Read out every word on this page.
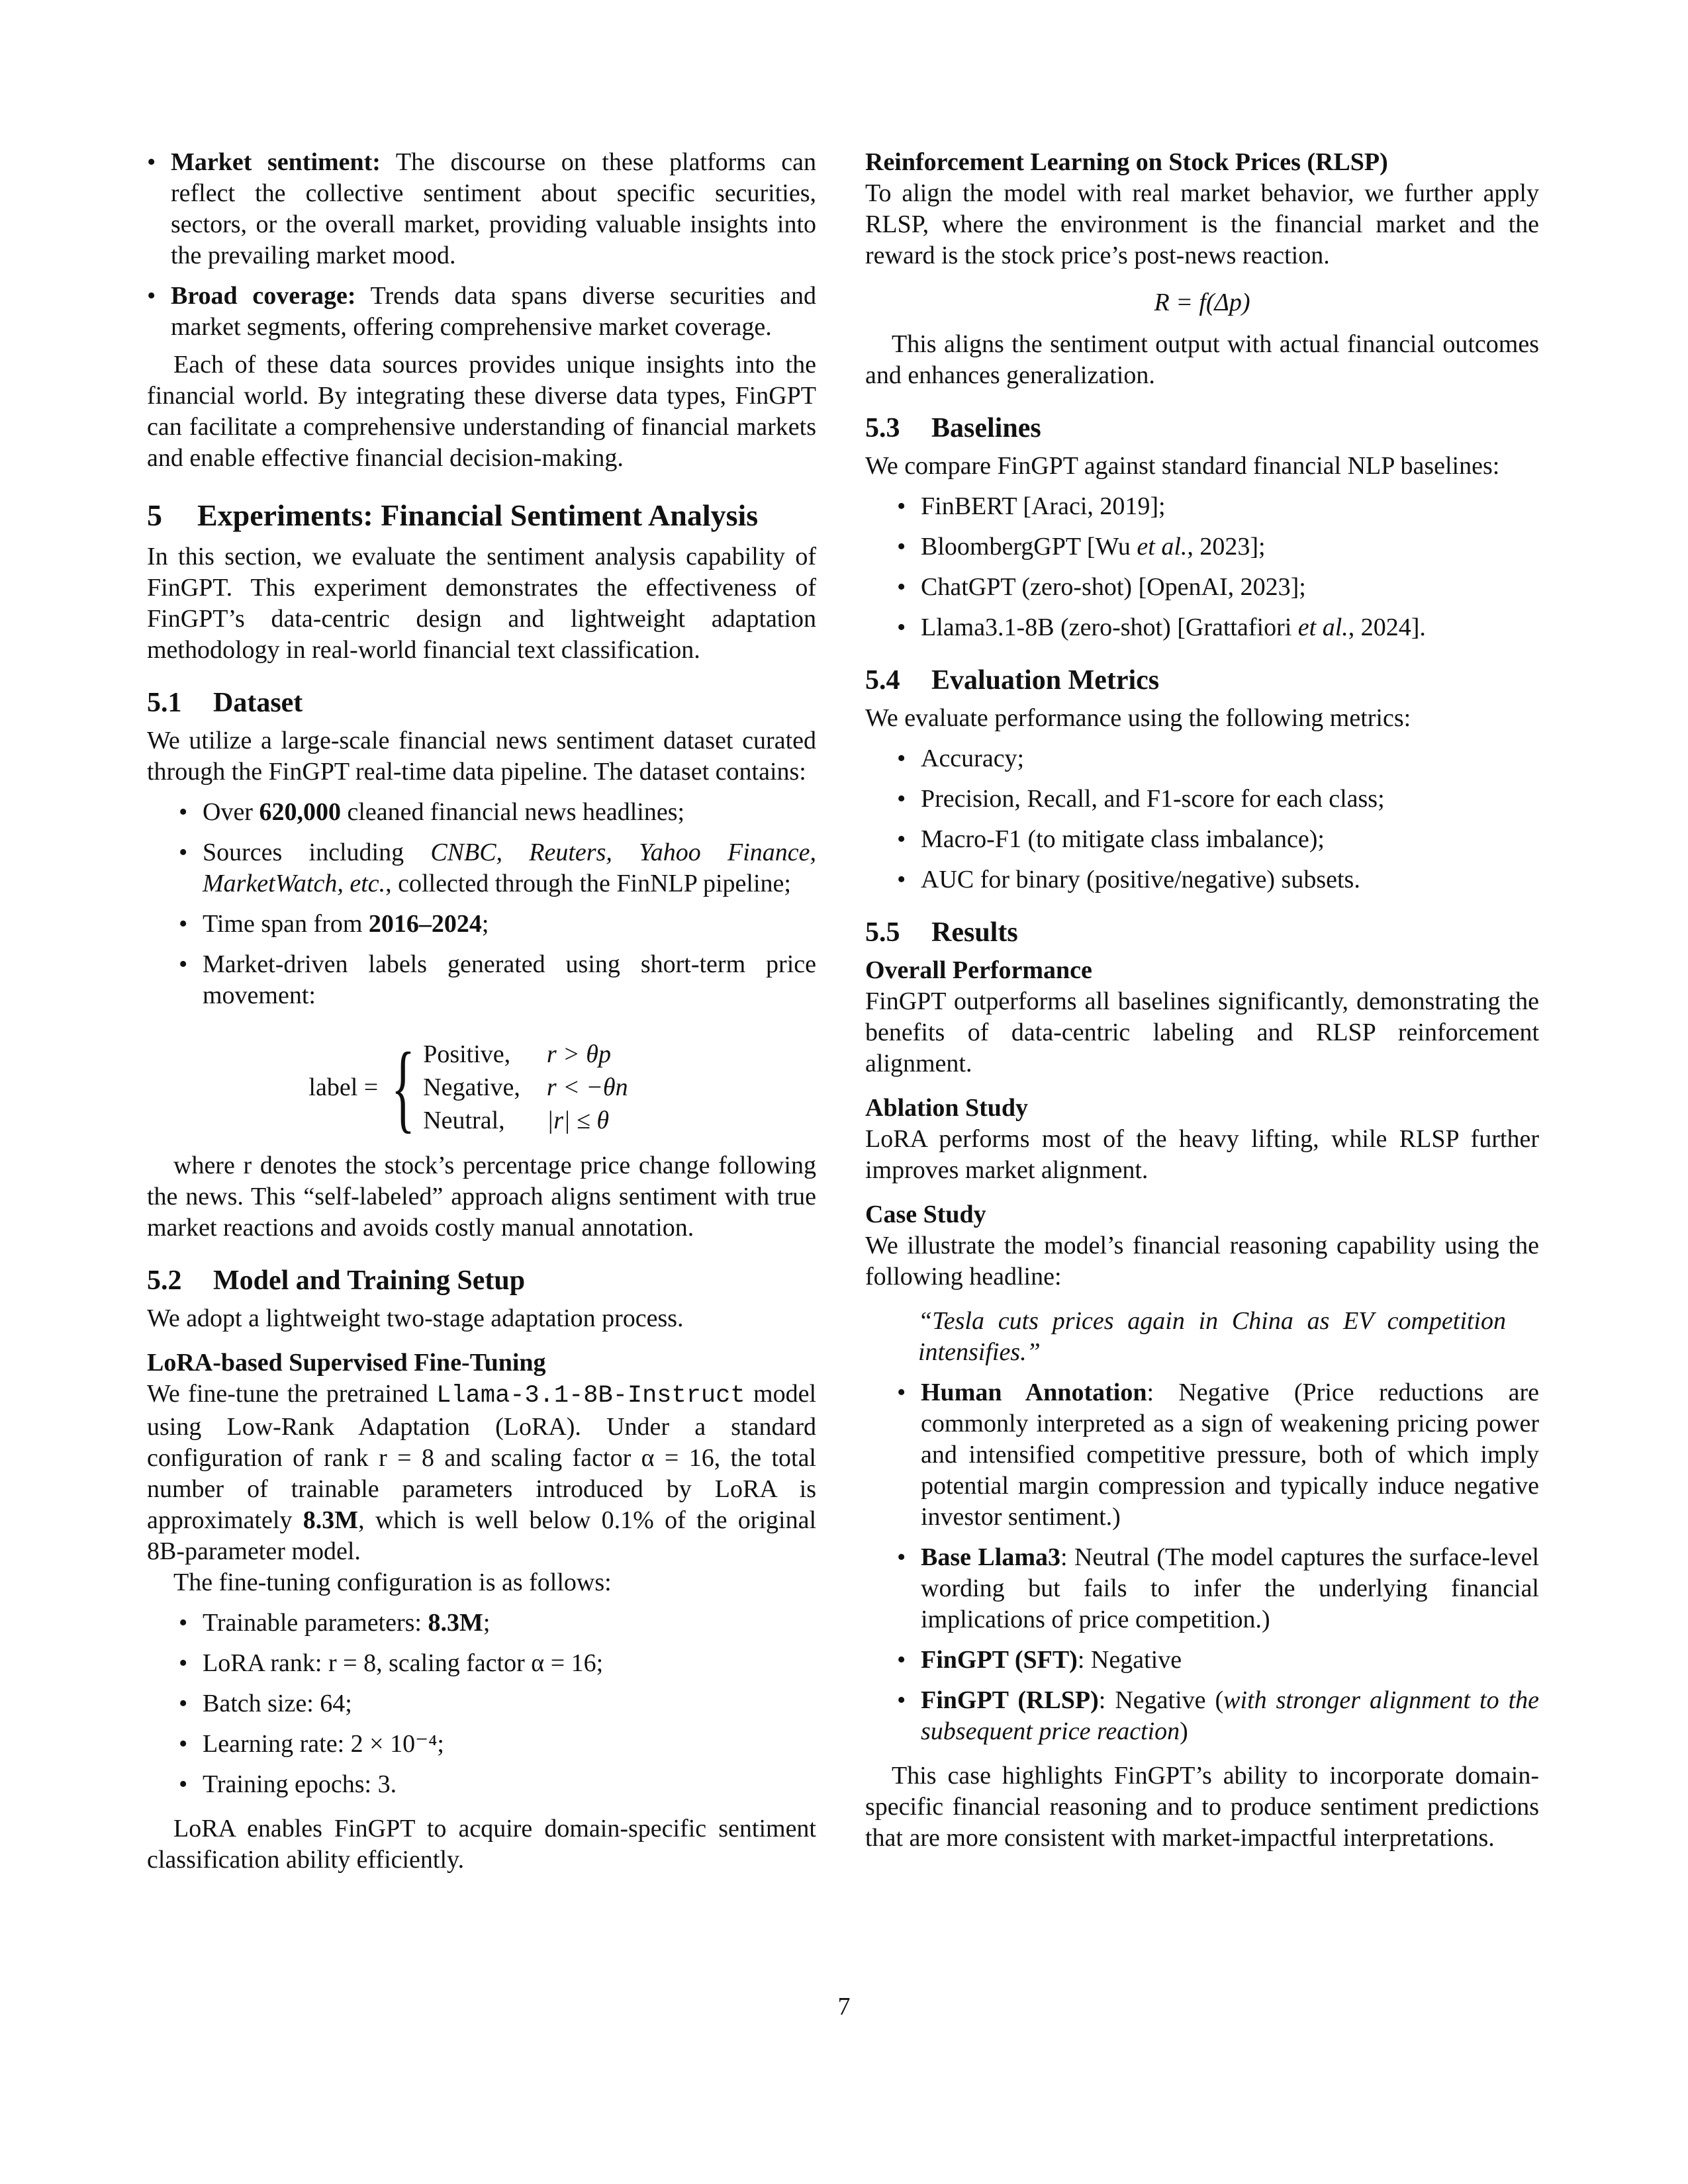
• Market sentiment: The discourse on these platforms can reflect the collective sentiment about specific securities, sectors, or the overall market, providing valuable insights into the prevailing market mood.
• Broad coverage: Trends data spans diverse securities and market segments, offering comprehensive market coverage.

Each of these data sources provides unique insights into the financial world. By integrating these diverse data types, FinGPT can facilitate a comprehensive understanding of financial markets and enable effective financial decision-making.

5 Experiments: Financial Sentiment Analysis

In this section, we evaluate the sentiment analysis capability of FinGPT. This experiment demonstrates the effectiveness of FinGPT’s data-centric design and lightweight adaptation methodology in real-world financial text classification.

5.1 Dataset

We utilize a large-scale financial news sentiment dataset curated through the FinGPT real-time data pipeline. The dataset contains:

• Over 620,000 cleaned financial news headlines;
• Sources including CNBC, Reuters, Yahoo Finance, MarketWatch, etc., collected through the FinNLP pipeline;
• Time span from 2016–2024;
• Market-driven labels generated using short-term price movement:
label = { Positive,	r > θp
Negative,	r < −θn
Neutral,	|r| ≤ θ

where r denotes the stock’s percentage price change following the news. This “self-labeled” approach aligns sentiment with true market reactions and avoids costly manual annotation.

5.2 Model and Training Setup

We adopt a lightweight two-stage adaptation process.

LoRA-based Supervised Fine-Tuning

We fine-tune the pretrained Llama-3.1-8B-Instruct model using Low-Rank Adaptation (LoRA). Under a standard configuration of rank r = 8 and scaling factor α = 16, the total number of trainable parameters introduced by LoRA is approximately 8.3M, which is well below 0.1% of the original 8B-parameter model.

The fine-tuning configuration is as follows:

• Trainable parameters: 8.3M;
• LoRA rank: r = 8, scaling factor α = 16;
• Batch size: 64;
• Learning rate: 2 × 10⁻⁴;
• Training epochs: 3.

LoRA enables FinGPT to acquire domain-specific sentiment classification ability efficiently.

Reinforcement Learning on Stock Prices (RLSP)

To align the model with real market behavior, we further apply RLSP, where the environment is the financial market and the reward is the stock price’s post-news reaction.

R = f(Δp)

This aligns the sentiment output with actual financial outcomes and enhances generalization.

5.3 Baselines

We compare FinGPT against standard financial NLP baselines:

• FinBERT [Araci, 2019];
• BloombergGPT [Wu et al., 2023];
• ChatGPT (zero-shot) [OpenAI, 2023];
• Llama3.1-8B (zero-shot) [Grattafiori et al., 2024].
5.4 Evaluation Metrics

We evaluate performance using the following metrics:

• Accuracy;
• Precision, Recall, and F1-score for each class;
• Macro-F1 (to mitigate class imbalance);
• AUC for binary (positive/negative) subsets.
5.5 Results
Overall Performance

FinGPT outperforms all baselines significantly, demonstrating the benefits of data-centric labeling and RLSP reinforcement alignment.

Ablation Study

LoRA performs most of the heavy lifting, while RLSP further improves market alignment.

Case Study

We illustrate the model’s financial reasoning capability using the following headline:

“Tesla cuts prices again in China as EV competition intensifies.”

• Human Annotation: Negative (Price reductions are commonly interpreted as a sign of weakening pricing power and intensified competitive pressure, both of which imply potential margin compression and typically induce negative investor sentiment.)
• Base Llama3: Neutral (The model captures the surface-level wording but fails to infer the underlying financial implications of price competition.)
• FinGPT (SFT): Negative
• FinGPT (RLSP): Negative (with stronger alignment to the subsequent price reaction)

This case highlights FinGPT’s ability to incorporate domain-specific financial reasoning and to produce sentiment predictions that are more consistent with market-impactful interpretations.

7
